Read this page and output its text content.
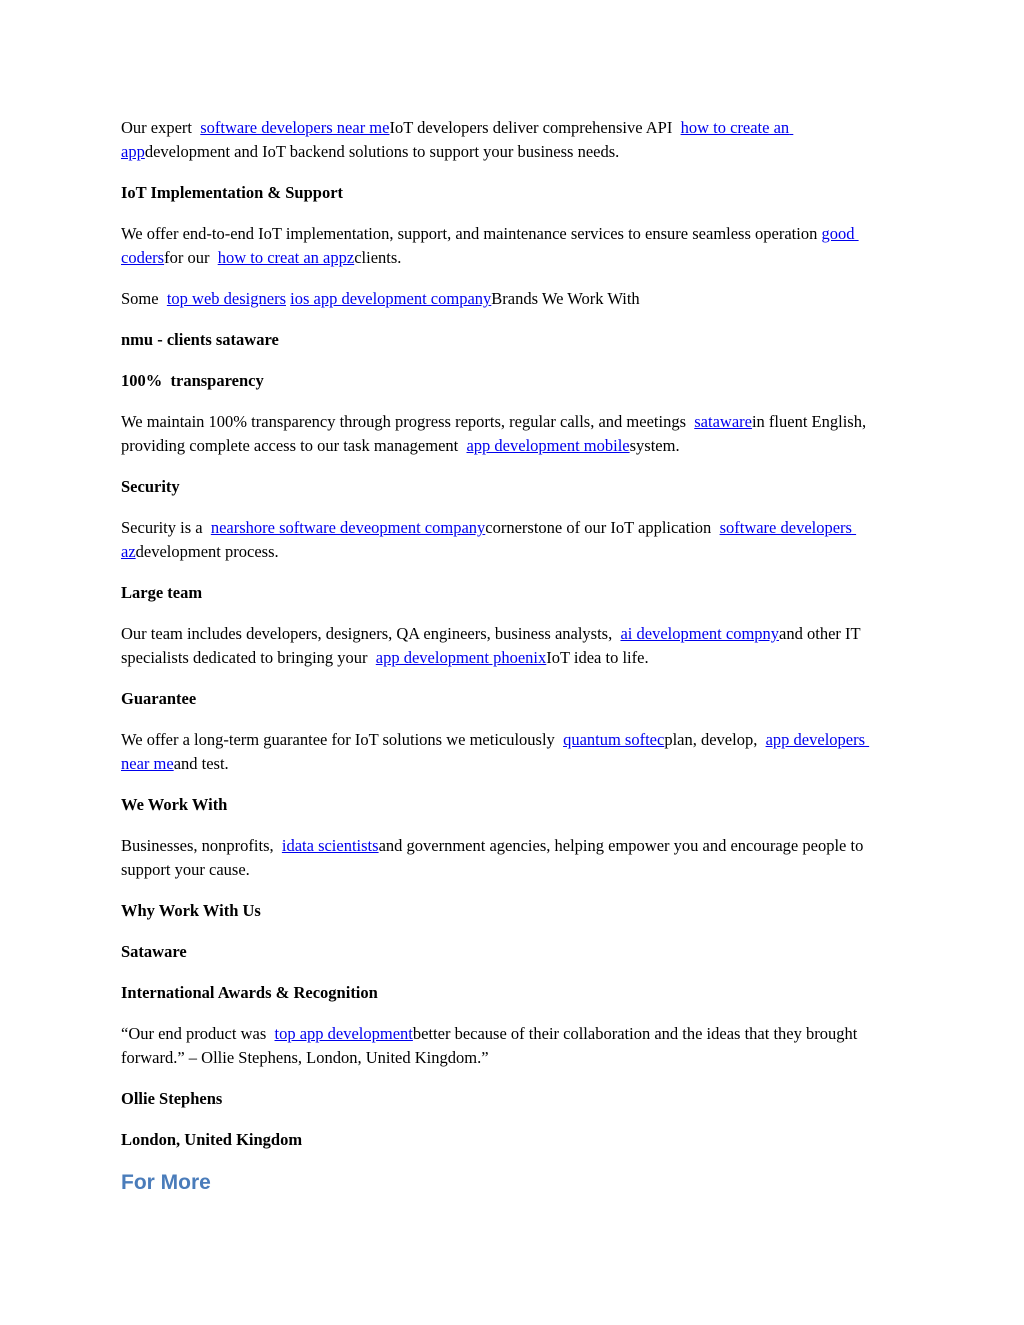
Our expert  software developers near meIoT developers deliver comprehensive API  how to create an appdevelopment and IoT backend solutions to support your business needs.

IoT Implementation & Support

We offer end-to-end IoT implementation, support, and maintenance services to ensure seamless operation good codersfor our  how to creat an appzclients.

Some  top web designers ios app development companyBrands We Work With

nmu - clients sataware

100%  transparency

We maintain 100% transparency through progress reports, regular calls, and meetings  satawarein fluent English, providing complete access to our task management  app development mobilesystem.

Security

Security is a  nearshore software deveopment companycornerstone of our IoT application  software developers azdevelopment process.

Large team

Our team includes developers, designers, QA engineers, business analysts,  ai development compnyand other IT specialists dedicated to bringing your  app development phoenixIoT idea to life.

Guarantee

We offer a long-term guarantee for IoT solutions we meticulously  quantum softecplan, develop,  app developers near meand test.

We Work With

Businesses, nonprofits,  idata scientistsand government agencies, helping empower you and encourage people to support your cause.

Why Work With Us

Sataware

International Awards & Recognition

“Our end product was  top app developmentbetter because of their collaboration and the ideas that they brought forward.” – Ollie Stephens, London, United Kingdom.”

Ollie Stephens

London, United Kingdom

For More
